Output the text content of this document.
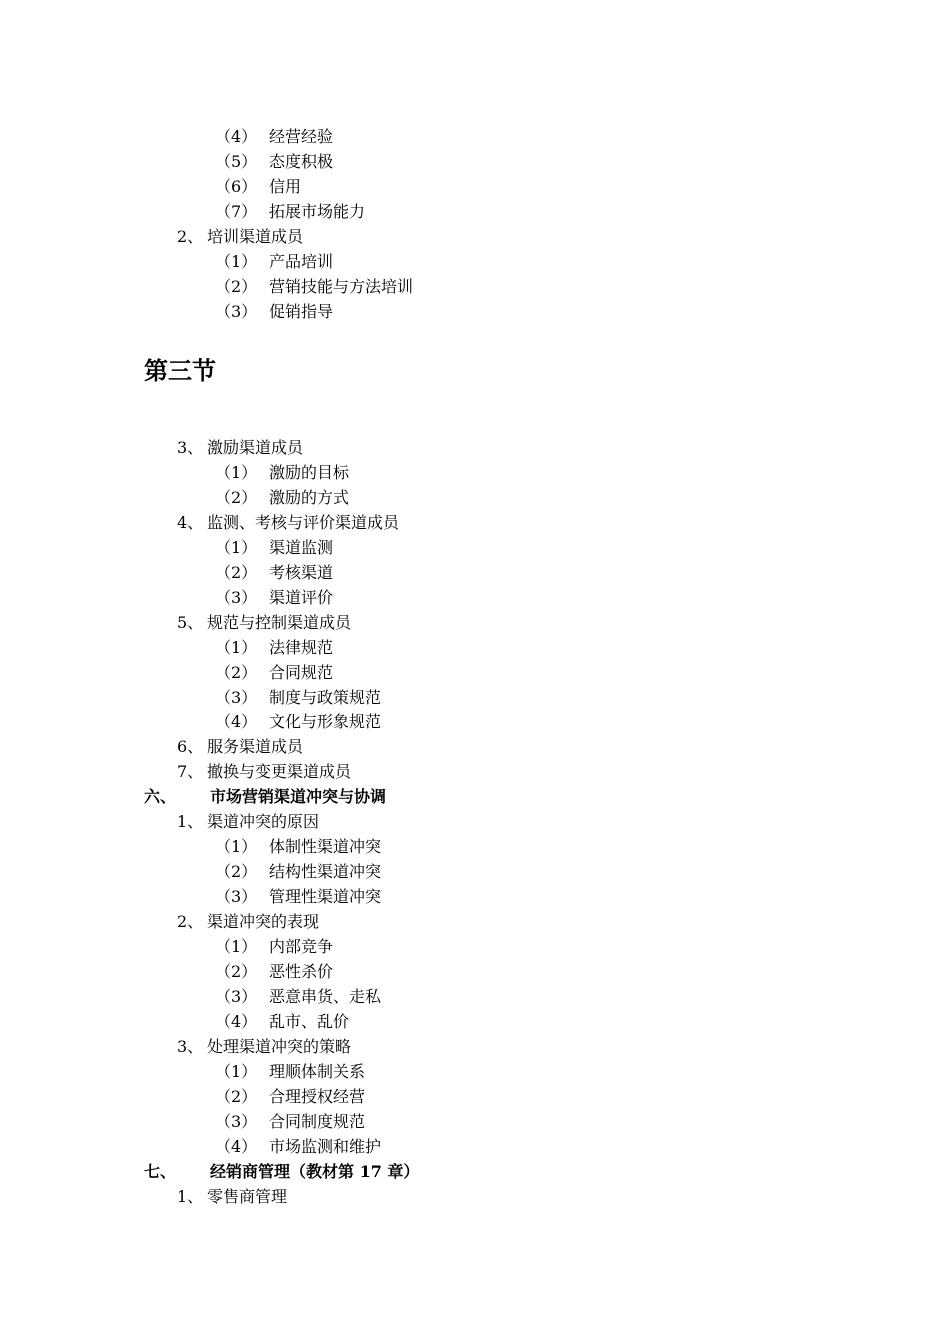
（4） 经营经验
（5） 态度积极
（6） 信用
（7） 拓展市场能力
2、 培训渠道成员
（1） 产品培训
（2） 营销技能与方法培训
（3） 促销指导
第三节
3、 激励渠道成员
（1） 激励的目标
（2） 激励的方式
4、 监测、考核与评价渠道成员
（1） 渠道监测
（2） 考核渠道
（3） 渠道评价
5、 规范与控制渠道成员
（1） 法律规范
（2） 合同规范
（3） 制度与政策规范
（4） 文化与形象规范
6、 服务渠道成员
7、 撤换与变更渠道成员
六、 市场营销渠道冲突与协调
1、 渠道冲突的原因
（1） 体制性渠道冲突
（2） 结构性渠道冲突
（3） 管理性渠道冲突
2、 渠道冲突的表现
（1） 内部竞争
（2） 恶性杀价
（3） 恶意串货、走私
（4） 乱市、乱价
3、 处理渠道冲突的策略
（1） 理顺体制关系
（2） 合理授权经营
（3） 合同制度规范
（4） 市场监测和维护
七、 经销商管理（教材第 17 章）
1、 零售商管理
